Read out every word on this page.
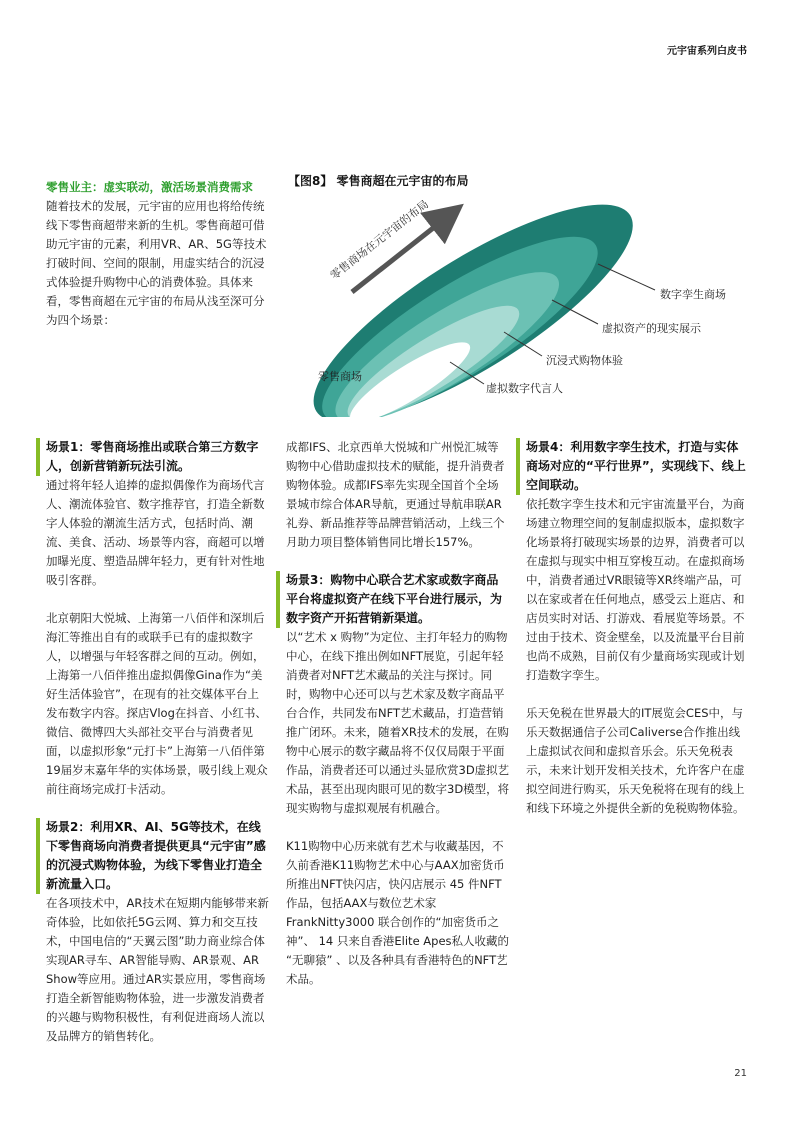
元宇宙系列白皮书
零售业主：虚实联动，激活场景消费需求
随着技术的发展，元宇宙的应用也将给传统线下零售商超带来新的生机。零售商超可借助元宇宙的元素，利用VR、AR、5G等技术打破时间、空间的限制，用虚实结合的沉浸式体验提升购物中心的消费体验。具体来看，零售商超在元宇宙的布局从浅至深可分为四个场景：
【图8】 零售商超在元宇宙的布局
零售商场在元宇宙的布局
数字孪生商场
虚拟资产的现实展示
沉浸式购物体验
虚拟数字代言人
零售商场
场景1：零售商场推出或联合第三方数字人，创新营销新玩法引流。

通过将年轻人追捧的虚拟偶像作为商场代言人、潮流体验官、数字推荐官，打造全新数字人体验的潮流生活方式，包括时尚、潮流、美食、活动、场景等内容，商超可以增加曝光度、塑造品牌年轻力，更有针对性地吸引客群。

北京朝阳大悦城、上海第一八佰伴和深圳后海汇等推出自有的或联手已有的虚拟数字人，以增强与年轻客群之间的互动。例如，上海第一八佰伴推出虚拟偶像Gina作为“美好生活体验官”，在现有的社交媒体平台上发布数字内容。探店Vlog在抖音、小红书、微信、微博四大头部社交平台与消费者见面，以虚拟形象“元打卡”上海第一八佰伴第19届岁末嘉年华的实体场景，吸引线上观众前往商场完成打卡活动。

场景2：利用XR、AI、5G等技术，在线下零售商场向消费者提供更具“元宇宙”感的沉浸式购物体验，为线下零售业打造全新流量入口。

在各项技术中，AR技术在短期内能够带来新奇体验，比如依托5G云网、算力和交互技术，中国电信的“天翼云图”助力商业综合体实现AR寻车、AR智能导购、AR景观、AR Show等应用。通过AR实景应用，零售商场打造全新智能购物体验，进一步激发消费者的兴趣与购物积极性，有利促进商场人流以及品牌方的销售转化。

成都IFS、北京西单大悦城和广州悦汇城等购物中心借助虚拟技术的赋能，提升消费者购物体验。成都IFS率先实现全国首个全场景城市综合体AR导航，更通过导航串联AR礼券、新品推荐等品牌营销活动，上线三个月助力项目整体销售同比增长157%。

场景3：购物中心联合艺术家或数字商品平台将虚拟资产在线下平台进行展示，为数字资产开拓营销新渠道。

以“艺术 x 购物”为定位、主打年轻力的购物中心，在线下推出例如NFT展览，引起年轻消费者对NFT艺术藏品的关注与探讨。同时，购物中心还可以与艺术家及数字商品平台合作，共同发布NFT艺术藏品，打造营销推广闭环。未来，随着XR技术的发展，在购物中心展示的数字藏品将不仅仅局限于平面作品，消费者还可以通过头显欣赏3D虚拟艺术品，甚至出现肉眼可见的数字3D模型，将现实购物与虚拟观展有机融合。

K11购物中心历来就有艺术与收藏基因，不久前香港K11购物艺术中心与AAX加密货币所推出NFT快闪店，快闪店展示 45 件NFT作品，包括AAX与数位艺术家FrankNitty3000 联合创作的“加密货币之神”、 14 只来自香港Elite Apes私人收藏的 “无聊猿” 、以及各种具有香港特色的NFT艺术品。

场景4：利用数字孪生技术，打造与实体商场对应的“平行世界”，实现线下、线上空间联动。

依托数字孪生技术和元宇宙流量平台，为商场建立物理空间的复制虚拟版本，虚拟数字化场景将打破现实场景的边界，消费者可以在虚拟与现实中相互穿梭互动。在虚拟商场中，消费者通过VR眼镜等XR终端产品，可以在家或者在任何地点，感受云上逛店、和店员实时对话、打游戏、看展览等场景。不过由于技术、资金壁垒，以及流量平台目前也尚不成熟，目前仅有少量商场实现或计划打造数字孪生。

乐天免税在世界最大的IT展览会CES中，与乐天数据通信子公司Caliverse合作推出线上虚拟试衣间和虚拟音乐会。乐天免税表示，未来计划开发相关技术，允许客户在虚拟空间进行购买，乐天免税将在现有的线上和线下环境之外提供全新的免税购物体验。

21
